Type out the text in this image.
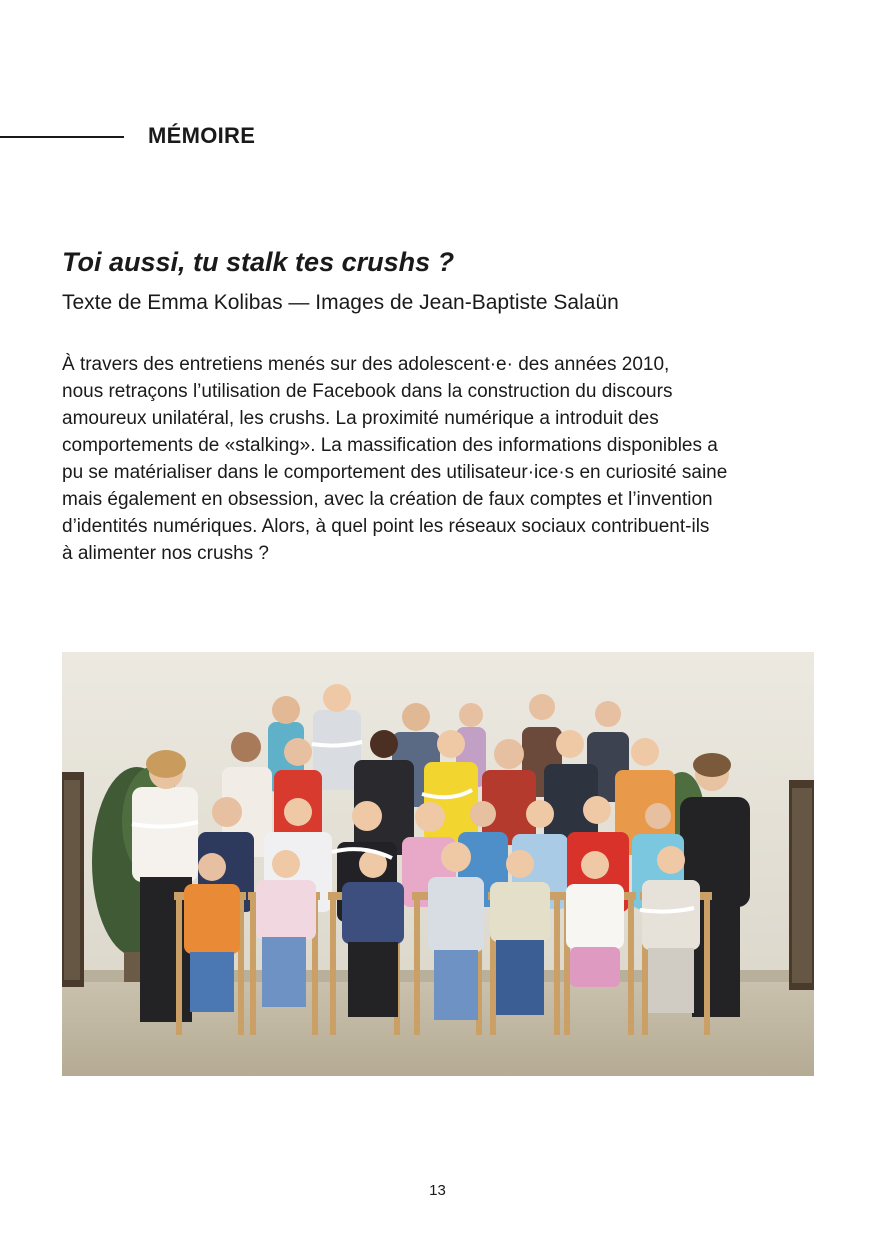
MÉMOIRE
Toi aussi, tu stalk tes crushs ?
Texte de Emma Kolibas — Images de Jean-Baptiste Salaün

À travers des entretiens menés sur des adolescent·e· des années 2010,
nous retraçons l’utilisation de Facebook dans la construction du discours
amoureux unilatéral, les crushs. La proximité numérique a introduit des
comportements de «stalking». La massification des informations disponibles a
pu se matérialiser dans le comportement des utilisateur·ice·s en curiosité saine
mais également en obsession, avec la création de faux comptes et l’invention
d’identités numériques. Alors, à quel point les réseaux sociaux contribuent-ils
à alimenter nos crushs ?

13
